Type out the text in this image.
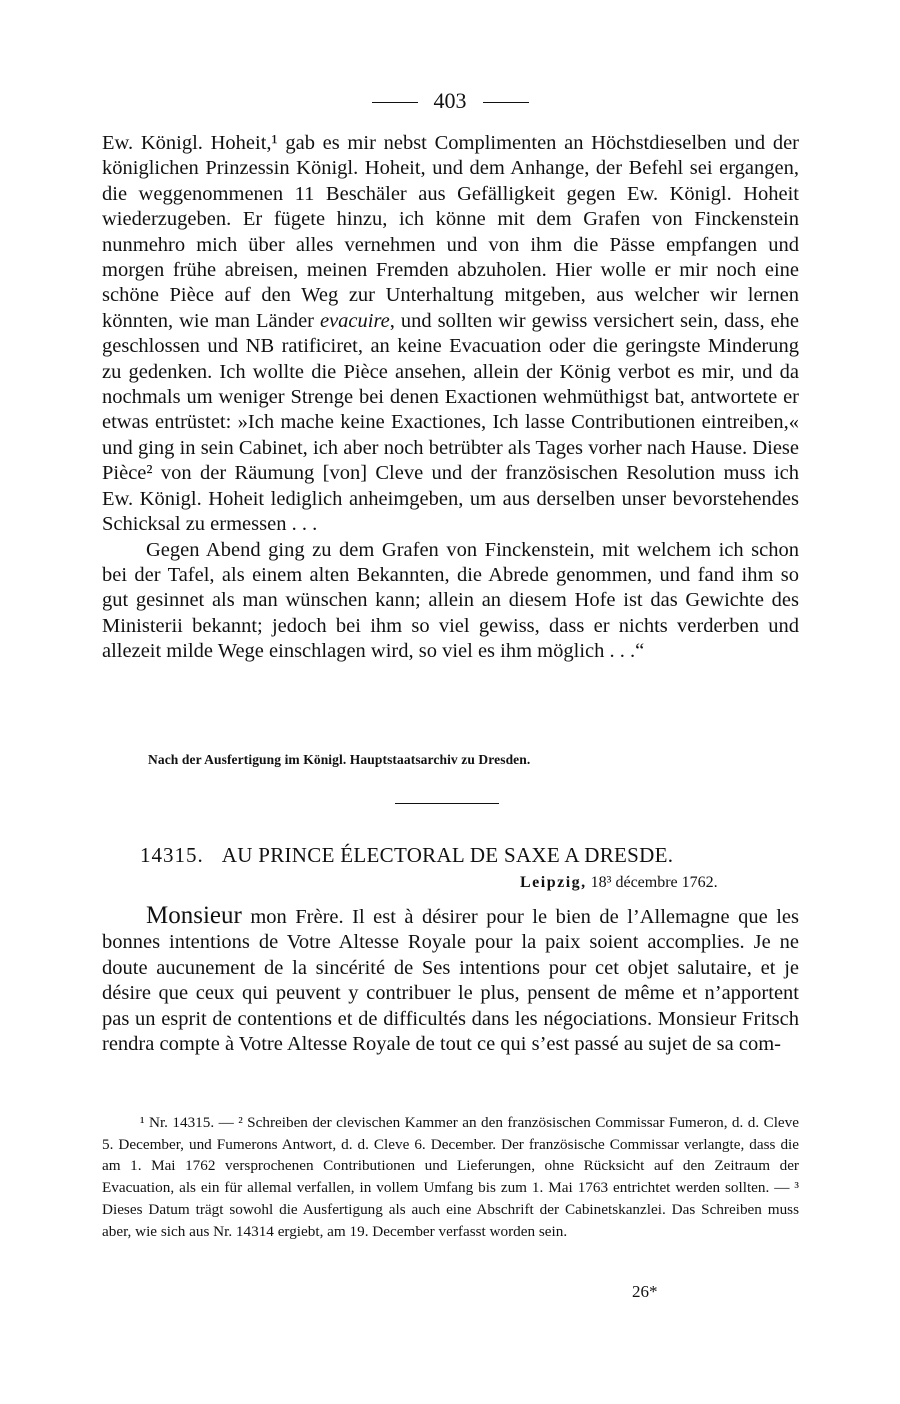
403

Ew. Königl. Hoheit,¹ gab es mir nebst Complimenten an Höchstdieselben und der königlichen Prinzessin Königl. Hoheit, und dem Anhange, der Befehl sei ergangen, die weggenommenen 11 Beschäler aus Gefälligkeit gegen Ew. Königl. Hoheit wiederzugeben. Er fügete hinzu, ich könne mit dem Grafen von Finckenstein nunmehro mich über alles vernehmen und von ihm die Pässe empfangen und morgen frühe abreisen, meinen Fremden abzuholen. Hier wolle er mir noch eine schöne Pièce auf den Weg zur Unterhaltung mitgeben, aus welcher wir lernen könnten, wie man Länder evacuire, und sollten wir gewiss versichert sein, dass, ehe geschlossen und NB ratificiret, an keine Evacuation oder die geringste Minderung zu gedenken. Ich wollte die Pièce ansehen, allein der König verbot es mir, und da nochmals um weniger Strenge bei denen Exactionen wehmüthigst bat, antwortete er etwas entrüstet: »Ich mache keine Exactiones, Ich lasse Contributionen eintreiben,« und ging in sein Cabinet, ich aber noch betrübter als Tages vorher nach Hause. Diese Pièce² von der Räumung [von] Cleve und der französischen Resolution muss ich Ew. Königl. Hoheit lediglich anheimgeben, um aus derselben unser bevorstehendes Schicksal zu ermessen . . .

Gegen Abend ging zu dem Grafen von Finckenstein, mit welchem ich schon bei der Tafel, als einem alten Bekannten, die Abrede genommen, und fand ihm so gut gesinnet als man wünschen kann; allein an diesem Hofe ist das Gewichte des Ministerii bekannt; jedoch bei ihm so viel gewiss, dass er nichts verderben und allezeit milde Wege einschlagen wird, so viel es ihm möglich . . .“

Nach der Ausfertigung im Königl. Hauptstaatsarchiv zu Dresden.
14315. AU PRINCE ÉLECTORAL DE SAXE A DRESDE.
Leipzig, 18³ décembre 1762.

Monsieur mon Frère. Il est à désirer pour le bien de l’Allemagne que les bonnes intentions de Votre Altesse Royale pour la paix soient accomplies. Je ne doute aucunement de la sincérité de Ses intentions pour cet objet salutaire, et je désire que ceux qui peuvent y contribuer le plus, pensent de même et n’apportent pas un esprit de contentions et de difficultés dans les négociations. Monsieur Fritsch rendra compte à Votre Altesse Royale de tout ce qui s’est passé au sujet de sa com-

¹ Nr. 14315. — ² Schreiben der clevischen Kammer an den französischen Commissar Fumeron, d. d. Cleve 5. December, und Fumerons Antwort, d. d. Cleve 6. December. Der französische Commissar verlangte, dass die am 1. Mai 1762 versprochenen Contributionen und Lieferungen, ohne Rücksicht auf den Zeitraum der Evacuation, als ein für allemal verfallen, in vollem Umfang bis zum 1. Mai 1763 entrichtet werden sollten. — ³ Dieses Datum trägt sowohl die Ausfertigung als auch eine Abschrift der Cabinetskanzlei. Das Schreiben muss aber, wie sich aus Nr. 14314 ergiebt, am 19. December verfasst worden sein.

26*
